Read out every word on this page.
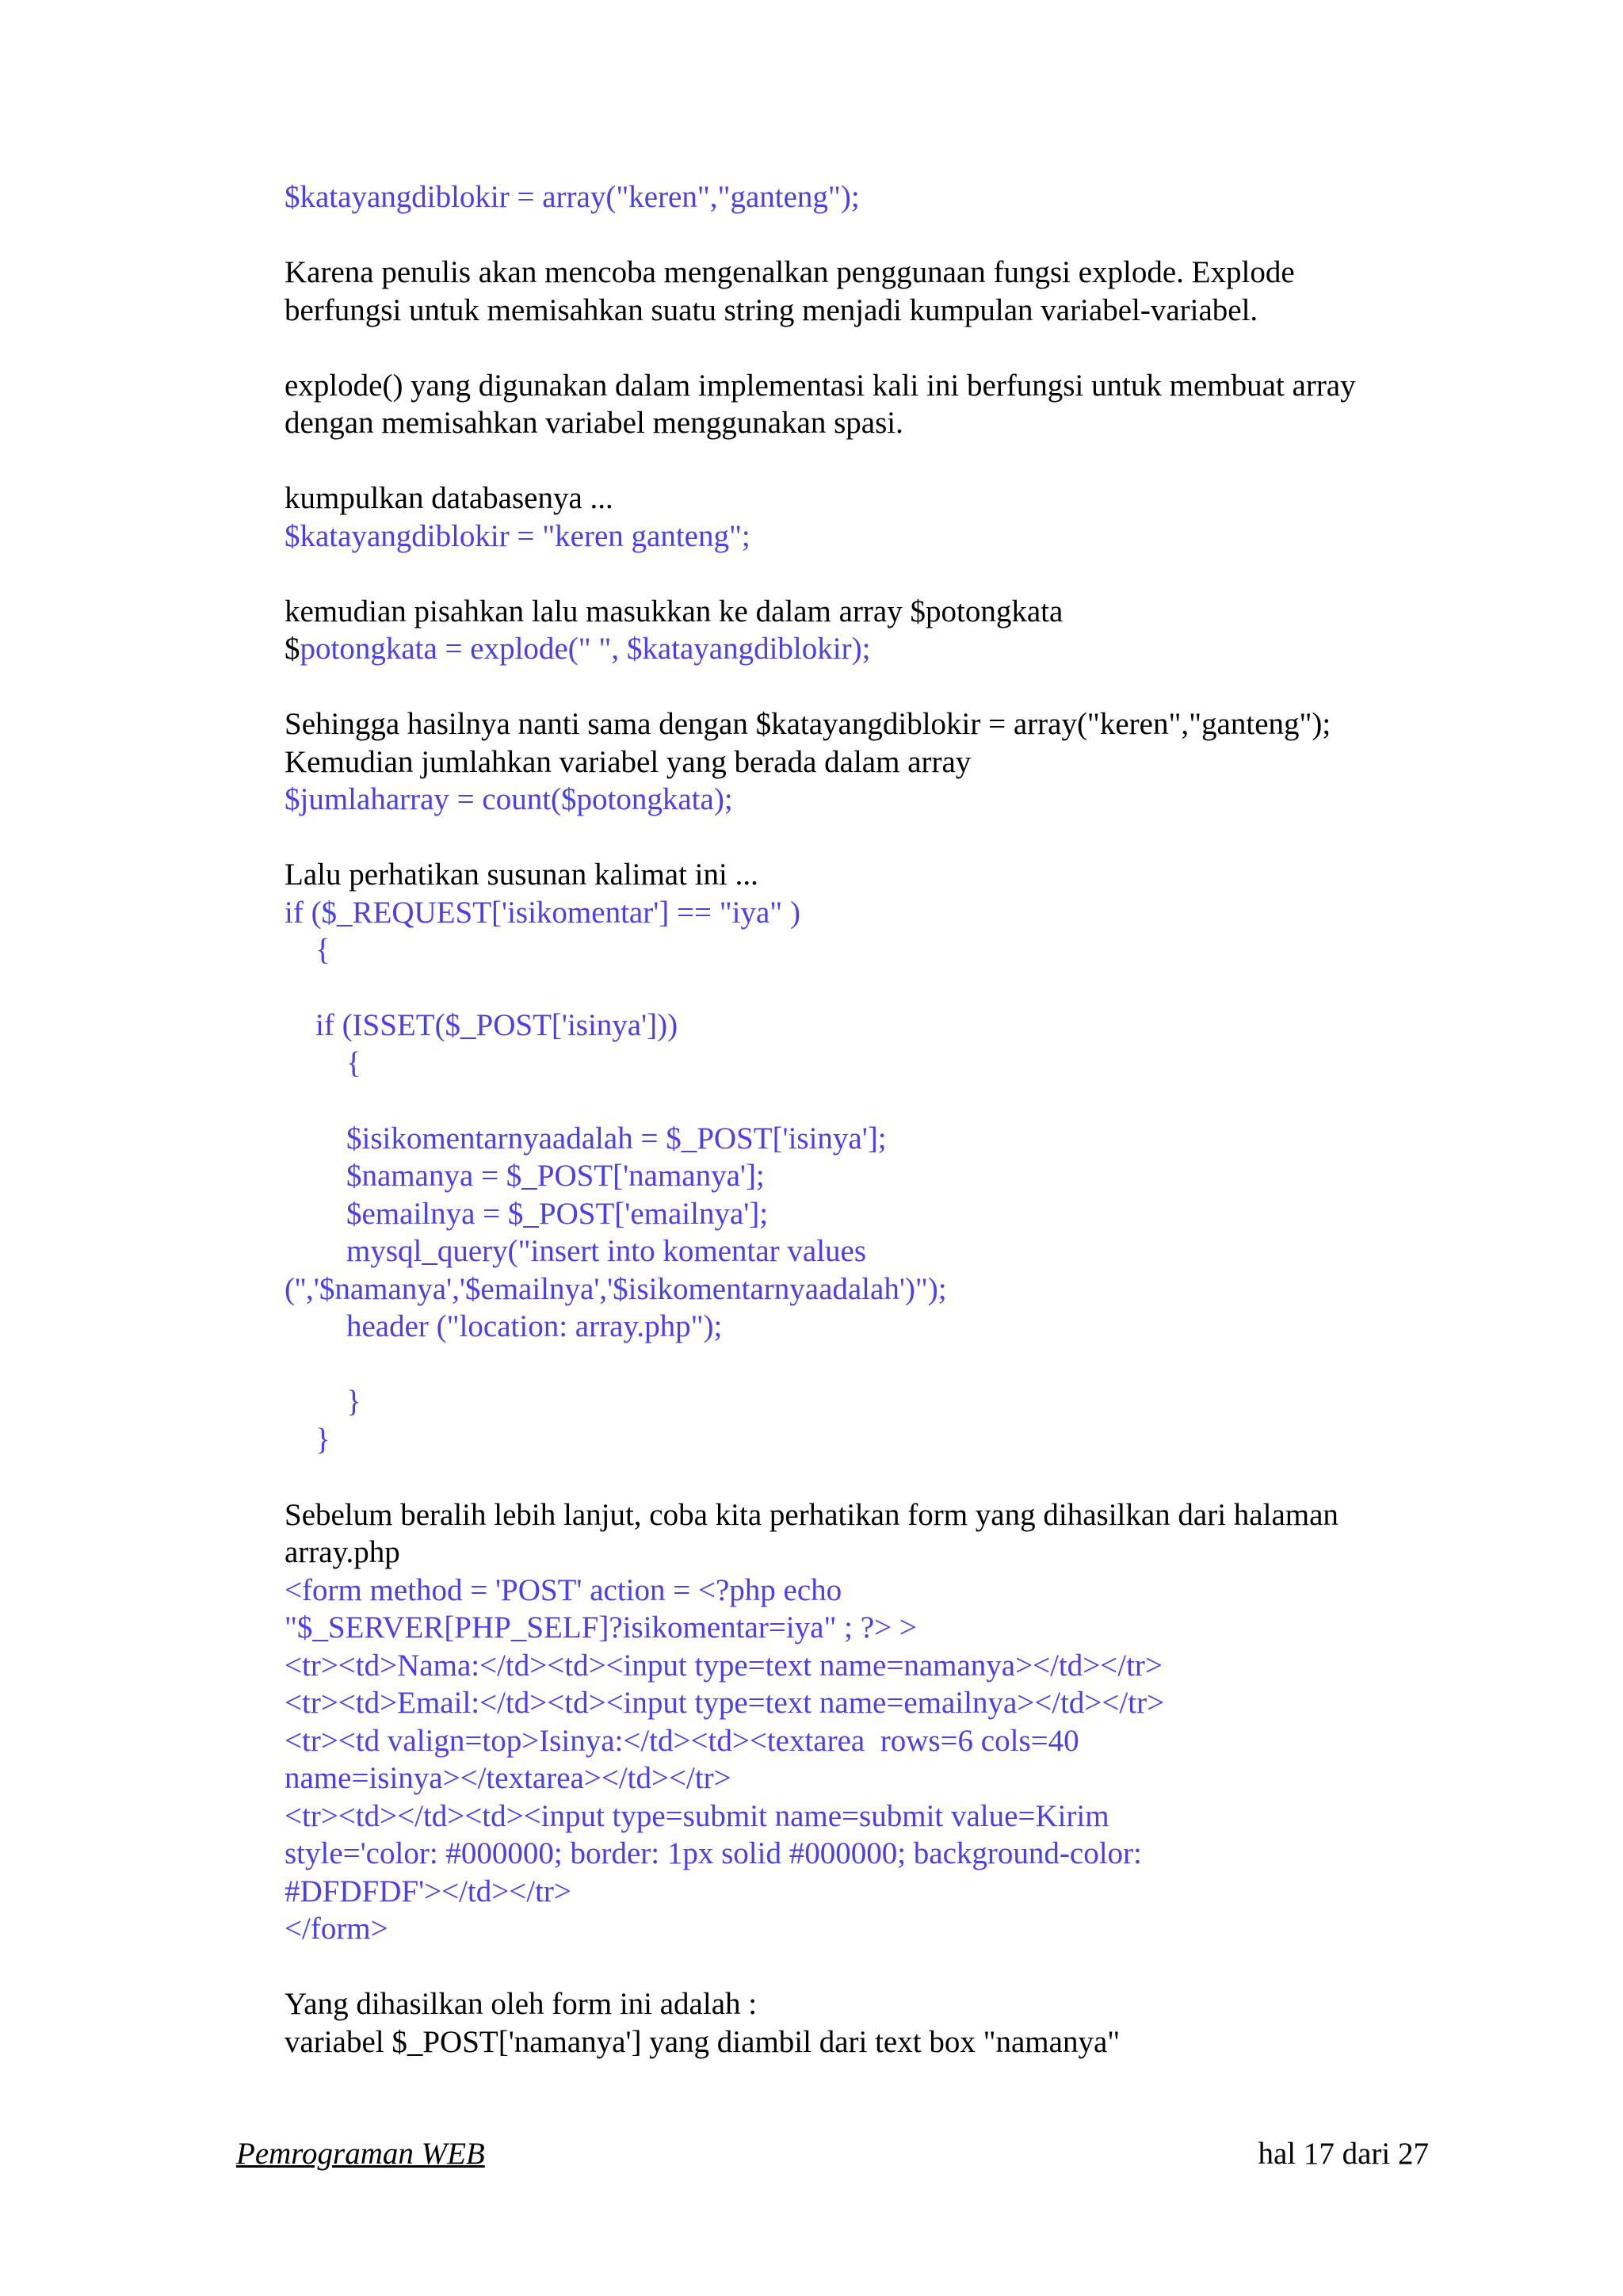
$katayangdiblokir = array("keren","ganteng");
Karena penulis akan mencoba mengenalkan penggunaan fungsi explode. Explode
berfungsi untuk memisahkan suatu string menjadi kumpulan variabel-variabel.
explode() yang digunakan dalam implementasi kali ini berfungsi untuk membuat array
dengan memisahkan variabel menggunakan spasi.
kumpulkan databasenya ...
$katayangdiblokir = "keren ganteng";
kemudian pisahkan lalu masukkan ke dalam array $potongkata
$potongkata = explode(" ", $katayangdiblokir);
Sehingga hasilnya nanti sama dengan $katayangdiblokir = array("keren","ganteng");
Kemudian jumlahkan variabel yang berada dalam array
$jumlaharray = count($potongkata);
Lalu perhatikan susunan kalimat ini ...
if ($_REQUEST['isikomentar'] == "iya" )
{
if (ISSET($_POST['isinya']))
{
$isikomentarnyaadalah = $_POST['isinya'];
$namanya = $_POST['namanya'];
$emailnya = $_POST['emailnya'];
mysql_query("insert into komentar values
('','$namanya','$emailnya','$isikomentarnyaadalah')");
header ("location: array.php");
}
}
Sebelum beralih lebih lanjut, coba kita perhatikan form yang dihasilkan dari halaman
array.php
<form method = 'POST' action = <?php echo
"$_SERVER[PHP_SELF]?isikomentar=iya" ; ?> >
<tr><td>Nama:</td><td><input type=text name=namanya></td></tr>
<tr><td>Email:</td><td><input type=text name=emailnya></td></tr>
<tr><td valign=top>Isinya:</td><td><textarea  rows=6 cols=40
name=isinya></textarea></td></tr>
<tr><td></td><td><input type=submit name=submit value=Kirim
style='color: #000000; border: 1px solid #000000; background-color:
#DFDFDF'></td></tr>
</form>
Yang dihasilkan oleh form ini adalah :
variabel $_POST['namanya'] yang diambil dari text box "namanya"
Pemrograman WEB	hal 17 dari 27
